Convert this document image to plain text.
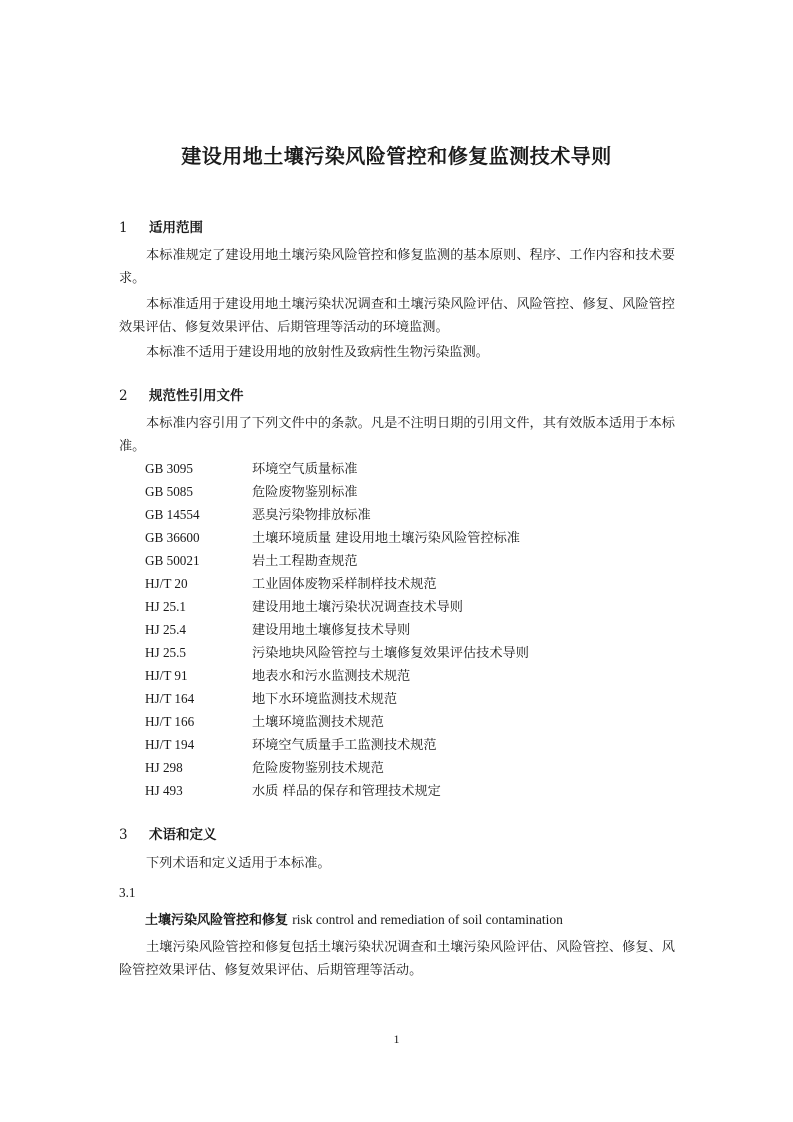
建设用地土壤污染风险管控和修复监测技术导则
1 适用范围

本标准规定了建设用地土壤污染风险管控和修复监测的基本原则、程序、工作内容和技术要求。

本标准适用于建设用地土壤污染状况调查和土壤污染风险评估、风险管控、修复、风险管控效果评估、修复效果评估、后期管理等活动的环境监测。

本标准不适用于建设用地的放射性及致病性生物污染监测。

2 规范性引用文件

本标准内容引用了下列文件中的条款。凡是不注明日期的引用文件，其有效版本适用于本标准。

GB 3095	环境空气质量标准
GB 5085	危险废物鉴别标准
GB 14554	恶臭污染物排放标准
GB 36600	土壤环境质量 建设用地土壤污染风险管控标准
GB 50021	岩土工程勘查规范
HJ/T 20	工业固体废物采样制样技术规范
HJ 25.1	建设用地土壤污染状况调查技术导则
HJ 25.4	建设用地土壤修复技术导则
HJ 25.5	污染地块风险管控与土壤修复效果评估技术导则
HJ/T 91	地表水和污水监测技术规范
HJ/T 164	地下水环境监测技术规范
HJ/T 166	土壤环境监测技术规范
HJ/T 194	环境空气质量手工监测技术规范
HJ 298	危险废物鉴别技术规范
HJ 493	水质 样品的保存和管理技术规定
3 术语和定义

下列术语和定义适用于本标准。

3.1

土壤污染风险管控和修复 risk control and remediation of soil contamination

土壤污染风险管控和修复包括土壤污染状况调查和土壤污染风险评估、风险管控、修复、风险管控效果评估、修复效果评估、后期管理等活动。

1
